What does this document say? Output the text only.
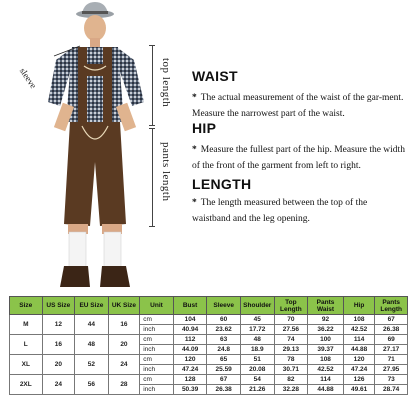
sleeve	top length
pants length
WAIST
* The actual measurement of the waist of the gar-ment. Measure the narrowest part of the waist.
HIP
* Measure the fullest part of the hip. Measure the width of the front of the garment from left to right.
LENGTH
* The length measured between the top of the waistband and the leg opening.
Size	US Size	EU Size	UK Size	Unit	Bust	Sleeve	Shoulder	Top Length	Pants Waist	Hip	Pants Length
M	12	44	16	cm	104	60	45	70	92	108	67
				inch	40.94	23.62	17.72	27.56	36.22	42.52	26.38
L	16	48	20	cm	112	63	48	74	100	114	69
				inch	44.09	24.8	18.9	29.13	39.37	44.88	27.17
XL	20	52	24	cm	120	65	51	78	108	120	71
				inch	47.24	25.59	20.08	30.71	42.52	47.24	27.95
2XL	24	56	28	cm	128	67	54	82	114	126	73
				inch	50.39	26.38	21.26	32.28	44.88	49.61	28.74
